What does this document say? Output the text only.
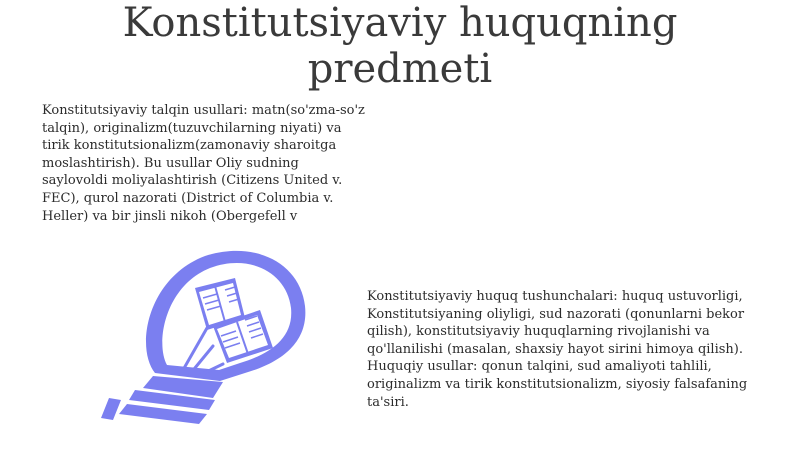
Konstitutsiyaviy huquqning predmeti

Konstitutsiyaviy talqin usullari: matn(so'zma-so'z talqin), originalizm(tuzuvchilarning niyati) va tirik konstitutsionalizm(zamonaviy sharoitga moslashtirish). Bu usullar Oliy sudning saylovoldi moliyalashtirish (Citizens United v. FEC), qurol nazorati (District of Columbia v. Heller) va bir jinsli nikoh (Obergefell v

Konstitutsiyaviy huquq tushunchalari: huquq ustuvorligi, Konstitutsiyaning oliyligi, sud nazorati (qonunlarni bekor qilish), konstitutsiyaviy huquqlarning rivojlanishi va qo'llanilishi (masalan, shaxsiy hayot sirini himoya qilish). Huquqiy usullar: qonun talqini, sud amaliyoti tahlili, originalizm va tirik konstitutsionalizm, siyosiy falsafaning ta'siri.
